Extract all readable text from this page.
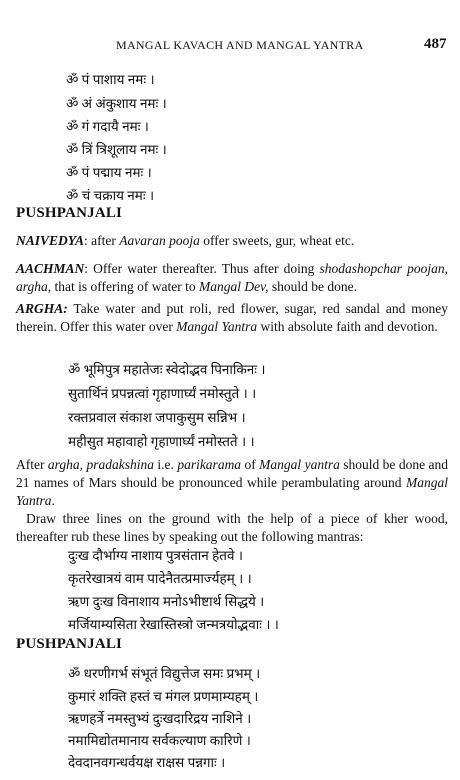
MANGAL KAVACH AND MANGAL YANTRA	487
ॐ पं पाशाय नमः ।
ॐ अं अंकुशाय नमः ।
ॐ गं गदायै नमः ।
ॐ त्रिं त्रिशूलाय नमः ।
ॐ पं पद्माय नमः ।
ॐ चं चक्राय नमः ।
PUSHPANJALI
NAIVEDYA: after Aavaran pooja offer sweets, gur, wheat etc.
AACHMAN: Offer water thereafter. Thus after doing shodashopchar poojan, argha, that is offering of water to Mangal Dev, should be done.
ARGHA: Take water and put roli, red flower, sugar, red sandal and money therein. Offer this water over Mangal Yantra with absolute faith and devotion.
ॐ भूमिपुत्र महातेजः स्वेदोद्भव पिनाकिनः ।
सुतार्थिनं प्रपन्नत्वां गृहाणार्घ्यं नमोस्तुते । ।
रक्तप्रवाल संकाश जपाकुसुम सन्निभ ।
महीसुत महावाहो गृहाणार्घ्यं नमोस्तते । ।
After argha, pradakshina i.e. parikarama of Mangal yantra should be done and 21 names of Mars should be pronounced while perambulating around Mangal Yantra.
Draw three lines on the ground with the help of a piece of kher wood, thereafter rub these lines by speaking out the following mantras:
दुःख दौर्भाग्य नाशाय पुत्रसंतान हेतवे ।
कृतरेखात्रयं वाम पादेनैतत्प्रमार्ज्यहम् । ।
ऋण दुःख विनाशाय मनोऽभीष्टार्थ सिद्धये ।
मर्जियाम्यसिता रेखास्तिस्त्रो जन्मत्रयोद्भवाः । ।
PUSHPANJALI
ॐ धरणीगर्भ संभूतं विद्युत्तेज समः प्रभम् ।
कुमारं शक्ति हस्तं च मंगल प्रणमाम्यहम् ।
ऋणहर्त्रे नमस्तुभ्यं दुःखदारिद्रय नाशिने ।
नमामिद्योतमानाय सर्वकल्याण कारिणे ।
देवदानवगन्धर्वयक्ष राक्षस पन्नगाः ।
